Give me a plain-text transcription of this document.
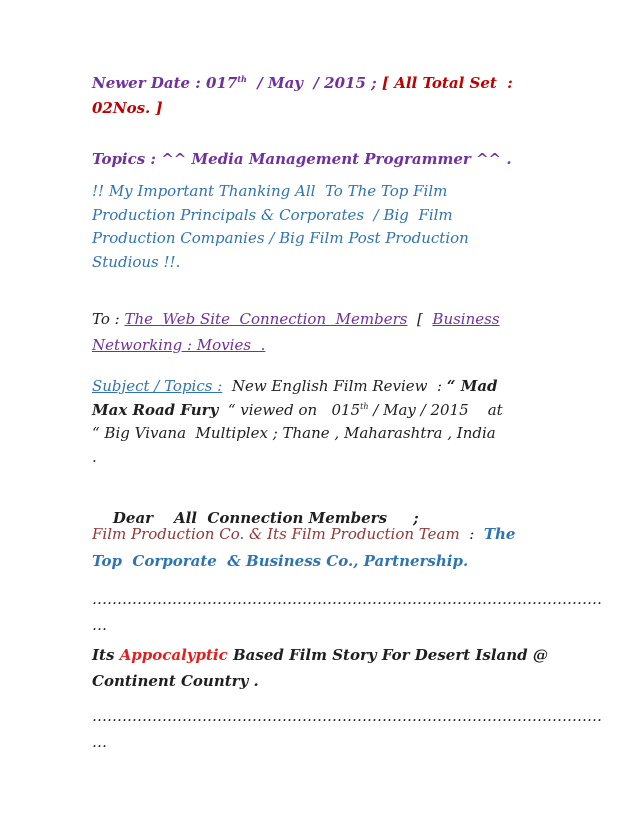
Newer Date : 017th  / May  / 2015 ; [ All Total Set  :
02Nos. ]
Topics : ^^ Media Management Programmer ^^ .
!! My Important Thanking All  To The Top Film
Production Principals & Corporates  / Big  Film
Production Companies / Big Film Post Production
Studious !!.
To : The  Web Site  Connection  Members  [  Business
Networking : Movies  .
Subject / Topics :  New English Film Review  : “ Mad
Max Road Fury  “ viewed on   015th / May / 2015    at
“ Big Vivana  Multiplex ; Thane , Maharashtra , India
.

Dear    All  Connection Members     ;

Film Production Co. & Its Film Production Team  :  The
Top  Corporate  & Business Co., Partnership.
…………………………………………………………………………………………
…
Its Appocalyptic Based Film Story For Desert Island @
Continent Country .
…………………………………………………………………………………………
…
